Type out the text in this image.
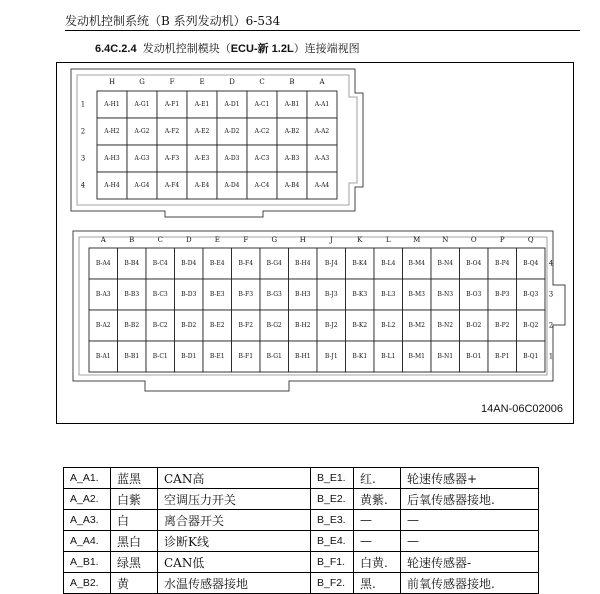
发动机控制系统（B 系列发动机）6-534
6.4C.2.4 发动机控制模块（ECU-新 1.2L）连接端视图
H	G	F	E	D	C	B	A
1
2
3
4
A-H1 A-G1	A-F1	A-E1	A-D1	A-C1	A-B1	A-A1
A-H2 A-G2	A-F2	A-E2	A-D2	A-C2	A-B2	A-A2
A-H3 A-G3	A-F3	A-E3	A-D3	A-C3	A-B3	A-A3
A-H4 A-G4	A-F4	A-E4	A-D4	A-C4	A-B4	A-A4
A	B	C	D	E	F	G	H	J	K	L	M	N	O	P	Q
4
3
2
1
B-A4 B-B4 B-C4 B-D4 B-E4 B-F4 B-G4 B-H4 B-J4 B-K4 B-L4 B-M4 B-N4 B-O4 B-P4 B-Q4
B-A3 B-B3 B-C3 B-D3 B-E3 B-F3 B-G3 B-H3 B-J3 B-K3 B-L3 B-M3 B-N3 B-O3 B-P3 B-Q3
B-A2 B-B2 B-C2 B-D2 B-E2 B-F2 B-G2 B-H2 B-J2 B-K2 B-L2 B-M2 B-N2 B-O2 B-P2 B-Q2
B-A1 B-B1 B-C1 B-D1 B-E1 B-F1 B-G1 B-H1 B-J1 B-K1 B-L1 B-M1 B-N1 B-O1 B-P1 B-Q1
14AN-06C02006
A_A1.	蓝黑	CAN高	B_E1.	红.	轮速传感器+
A_A2.	白紫	空调压力开关	B_E2.	黄紫.	后氧传感器接地.
A_A3.	白	离合器开关	B_E3.	—	—
A_A4.	黑白	诊断K线	B_E4.	—	—
A_B1.	绿黑	CAN低	B_F1.	白黄.	轮速传感器-
A_B2.	黄	水温传感器接地	B_F2.	黑.	前氧传感器接地.
